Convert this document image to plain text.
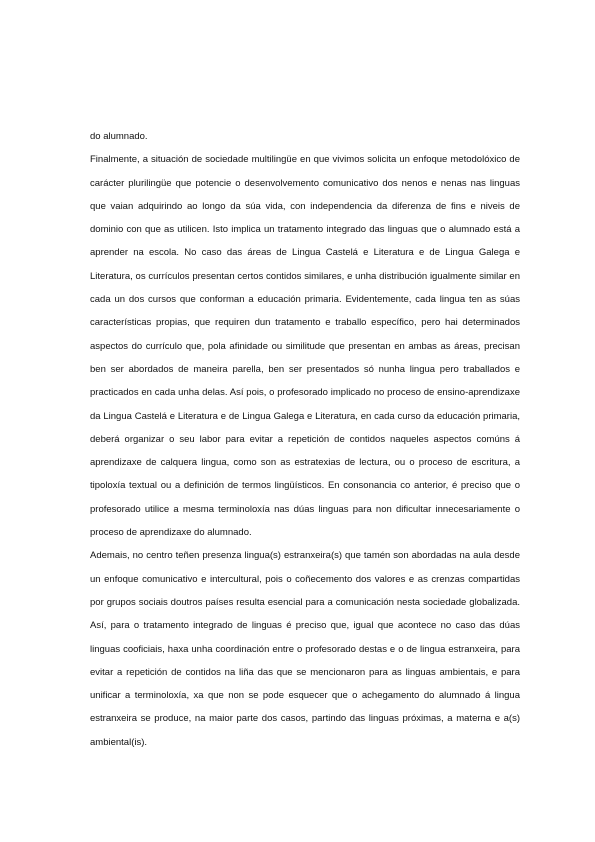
do alumnado.

Finalmente, a situación de sociedade multilingüe en que vivimos solicita un enfoque metodolóxico de carácter plurilingüe que potencie o desenvolvemento comunicativo dos nenos e nenas nas linguas que vaian adquirindo ao longo da súa vida, con independencia da diferenza de fins e niveis de dominio con que as utilicen. Isto implica un tratamento integrado das linguas que o alumnado está a aprender na escola. No caso das áreas de Lingua Castelá e Literatura e de Lingua Galega e Literatura, os currículos presentan certos contidos similares, e unha distribución igualmente similar en cada un dos cursos que conforman a educación primaria. Evidentemente, cada lingua ten as súas características propias, que requiren dun tratamento e traballo específico, pero hai determinados aspectos do currículo que, pola afinidade ou similitude que presentan en ambas as áreas, precisan ben ser abordados de maneira parella, ben ser presentados só nunha lingua pero traballados e practicados en cada unha delas. Así pois, o profesorado implicado no proceso de ensino-aprendizaxe da Lingua Castelá e Literatura e de Lingua Galega e Literatura, en cada curso da educación primaria, deberá organizar o seu labor para evitar a repetición de contidos naqueles aspectos comúns á aprendizaxe de calquera lingua, como son as estratexias de lectura, ou o proceso de escritura, a tipoloxía textual ou a definición de termos lingüísticos. En consonancia co anterior, é preciso que o profesorado utilice a mesma terminoloxía nas dúas linguas para non dificultar innecesariamente o proceso de aprendizaxe do alumnado.

Ademais, no centro teñen presenza lingua(s) estranxeira(s) que tamén son abordadas na aula desde un enfoque comunicativo e intercultural, pois o coñecemento dos valores e as crenzas compartidas por grupos sociais doutros países resulta esencial para a comunicación nesta sociedade globalizada. Así, para o tratamento integrado de linguas é preciso que, igual que acontece no caso das dúas linguas cooficiais, haxa unha coordinación entre o profesorado destas e o de lingua estranxeira, para evitar a repetición de contidos na liña das que se mencionaron para as linguas ambientais, e para unificar a terminoloxía, xa que non se pode esquecer que o achegamento do alumnado á lingua estranxeira se produce, na maior parte dos casos, partindo das linguas próximas, a materna e a(s) ambiental(is).
